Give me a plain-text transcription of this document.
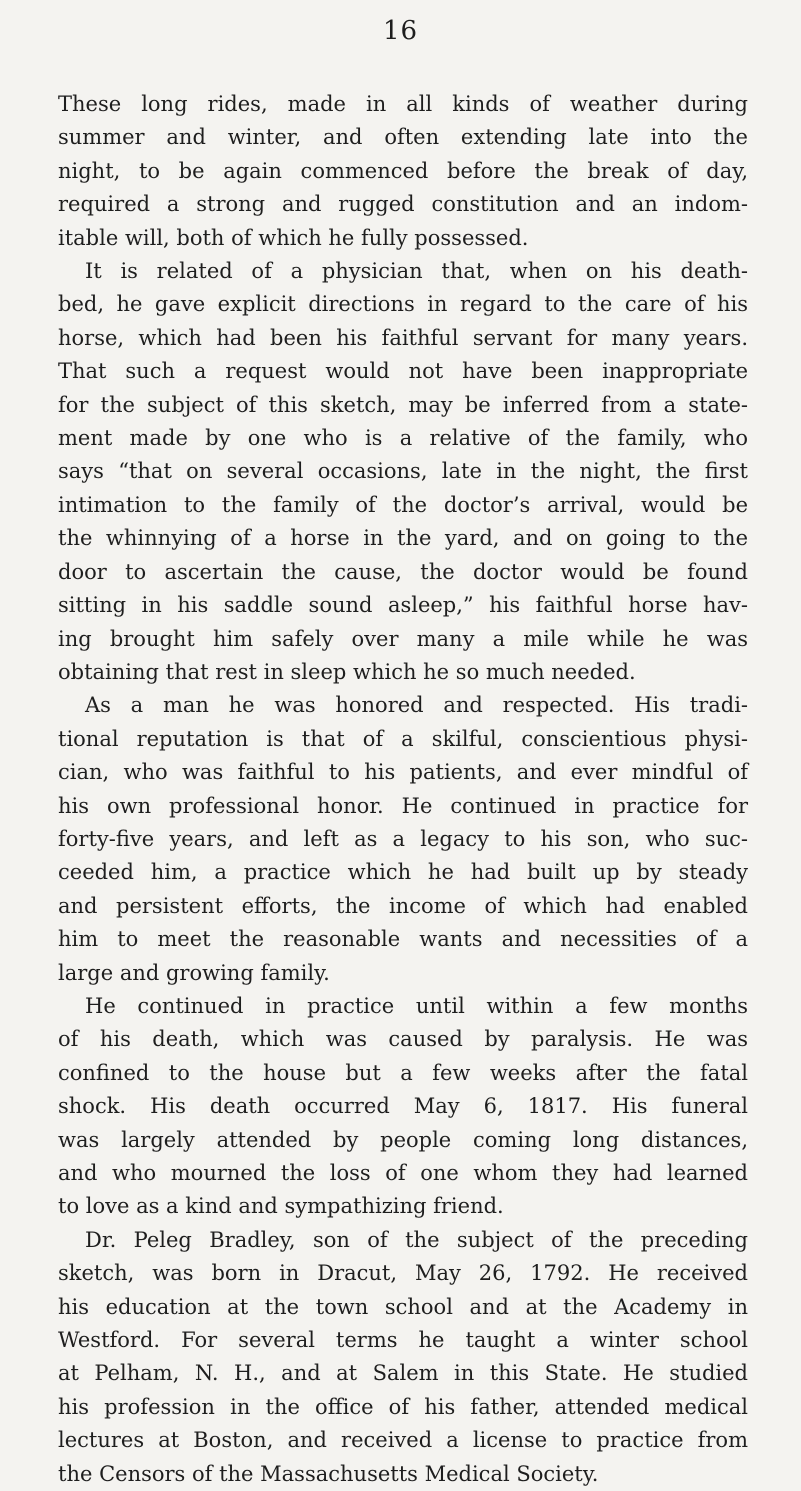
16
These long rides, made in all kinds of weather during
summer and winter, and often extending late into the
night, to be again commenced before the break of day,
required a strong and rugged constitution and an indom-
itable will, both of which he fully possessed.
It is related of a physician that, when on his death-
bed, he gave explicit directions in regard to the care of his
horse, which had been his faithful servant for many years.
That such a request would not have been inappropriate
for the subject of this sketch, may be inferred from a state-
ment made by one who is a relative of the family, who
says “that on several occasions, late in the night, the first
intimation to the family of the doctor’s arrival, would be
the whinnying of a horse in the yard, and on going to the
door to ascertain the cause, the doctor would be found
sitting in his saddle sound asleep,” his faithful horse hav-
ing brought him safely over many a mile while he was
obtaining that rest in sleep which he so much needed.
As a man he was honored and respected. His tradi-
tional reputation is that of a skilful, conscientious physi-
cian, who was faithful to his patients, and ever mindful of
his own professional honor. He continued in practice for
forty-five years, and left as a legacy to his son, who suc-
ceeded him, a practice which he had built up by steady
and persistent efforts, the income of which had enabled
him to meet the reasonable wants and necessities of a
large and growing family.
He continued in practice until within a few months
of his death, which was caused by paralysis. He was
confined to the house but a few weeks after the fatal
shock. His death occurred May 6, 1817. His funeral
was largely attended by people coming long distances,
and who mourned the loss of one whom they had learned
to love as a kind and sympathizing friend.
Dr. Peleg Bradley, son of the subject of the preceding
sketch, was born in Dracut, May 26, 1792. He received
his education at the town school and at the Academy in
Westford. For several terms he taught a winter school
at Pelham, N. H., and at Salem in this State. He studied
his profession in the office of his father, attended medical
lectures at Boston, and received a license to practice from
the Censors of the Massachusetts Medical Society.
